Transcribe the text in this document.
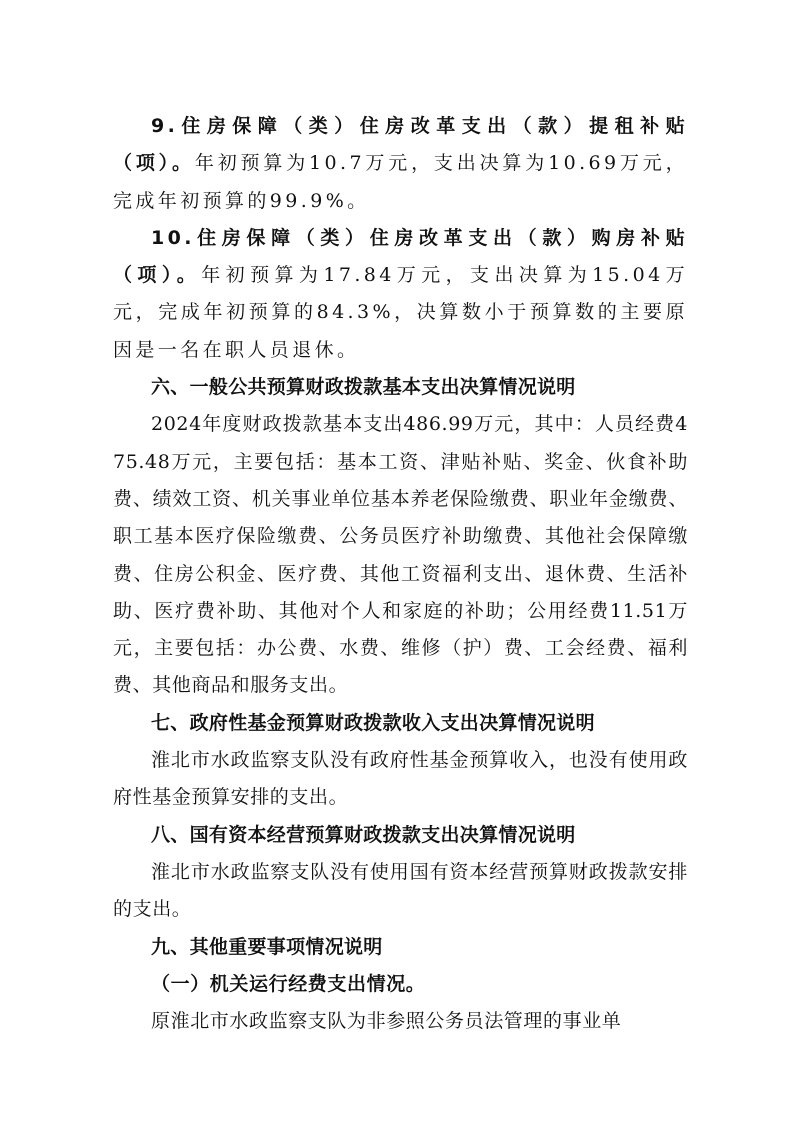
9.住房保障（类）住房改革支出（款）提租补贴（项）。年初预算为10.7万元，支出决算为10.69万元，完成年初预算的99.9%。

10.住房保障（类）住房改革支出（款）购房补贴（项）。年初预算为17.84万元，支出决算为15.04万元，完成年初预算的84.3%，决算数小于预算数的主要原因是一名在职人员退休。

六、一般公共预算财政拨款基本支出决算情况说明

2024年度财政拨款基本支出486.99万元，其中：人员经费475.48万元，主要包括：基本工资、津贴补贴、奖金、伙食补助费、绩效工资、机关事业单位基本养老保险缴费、职业年金缴费、职工基本医疗保险缴费、公务员医疗补助缴费、其他社会保障缴费、住房公积金、医疗费、其他工资福利支出、退休费、生活补助、医疗费补助、其他对个人和家庭的补助；公用经费11.51万元，主要包括：办公费、水费、维修（护）费、工会经费、福利费、其他商品和服务支出。

七、政府性基金预算财政拨款收入支出决算情况说明

淮北市水政监察支队没有政府性基金预算收入，也没有使用政府性基金预算安排的支出。

八、国有资本经营预算财政拨款支出决算情况说明

淮北市水政监察支队没有使用国有资本经营预算财政拨款安排的支出。

九、其他重要事项情况说明

（一）机关运行经费支出情况。

原淮北市水政监察支队为非参照公务员法管理的事业单
